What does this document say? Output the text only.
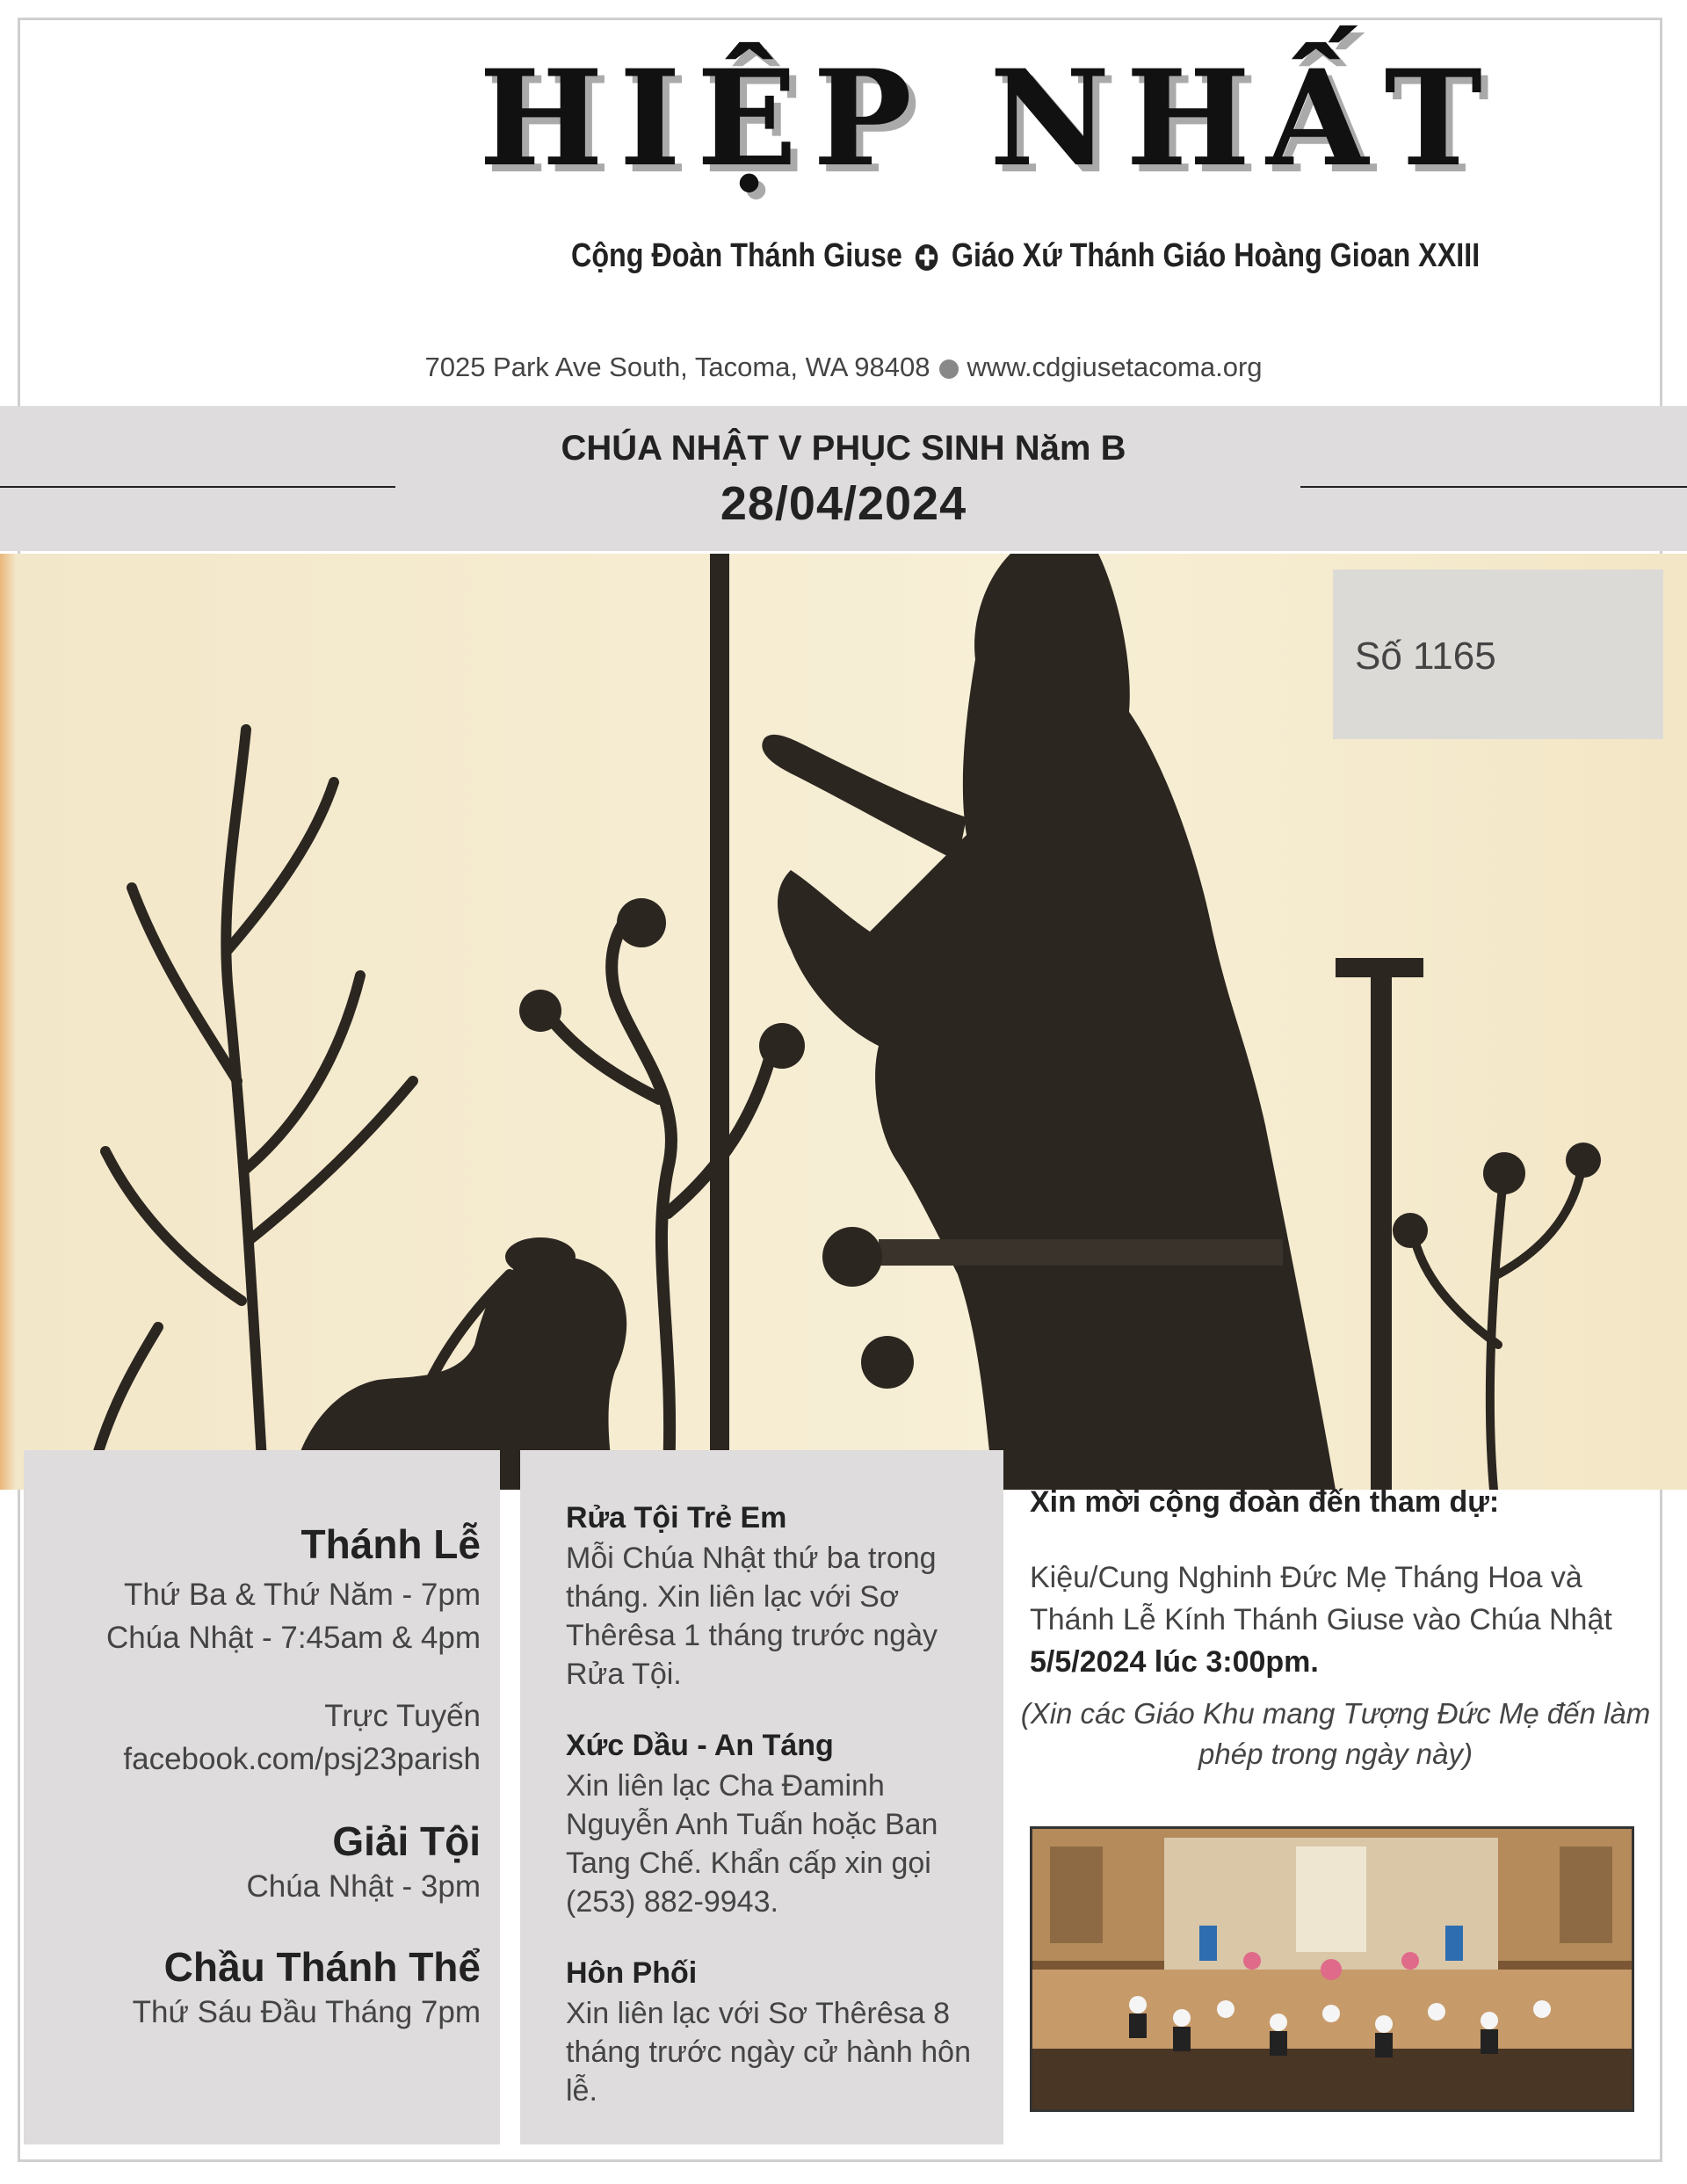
HIỆP NHẤT
Cộng Đoàn Thánh Giuse ✚ Giáo Xứ Thánh Giáo Hoàng Gioan XXIII
7025 Park Ave South, Tacoma, WA 98408 www.cdgiusetacoma.org
CHÚA NHẬT V PHỤC SINH Năm B
28/04/2024
Số 1165
Thánh Lễ
Thứ Ba & Thứ Năm - 7pm
Chúa Nhật - 7:45am & 4pm
Trực Tuyến
facebook.com/psj23parish
Giải Tội
Chúa Nhật - 3pm
Chầu Thánh Thể
Thứ Sáu Đầu Tháng 7pm
Rửa Tội Trẻ Em
Mỗi Chúa Nhật thứ ba trong tháng. Xin liên lạc với Sơ Thêrêsa 1 tháng trước ngày Rửa Tội.
Xức Dầu - An Táng
Xin liên lạc Cha Đaminh Nguyễn Anh Tuấn hoặc Ban Tang Chế. Khẩn cấp xin gọi (253) 882-9943.
Hôn Phối
Xin liên lạc với Sơ Thêrêsa 8 tháng trước ngày cử hành hôn lễ.
Xin mời cộng đoàn đến tham dự:
Kiệu/Cung Nghinh Đức Mẹ Tháng Hoa và Thánh Lễ Kính Thánh Giuse vào Chúa Nhật 5/5/2024 lúc 3:00pm.
(Xin các Giáo Khu mang Tượng Đức Mẹ đến làm phép trong ngày này)
